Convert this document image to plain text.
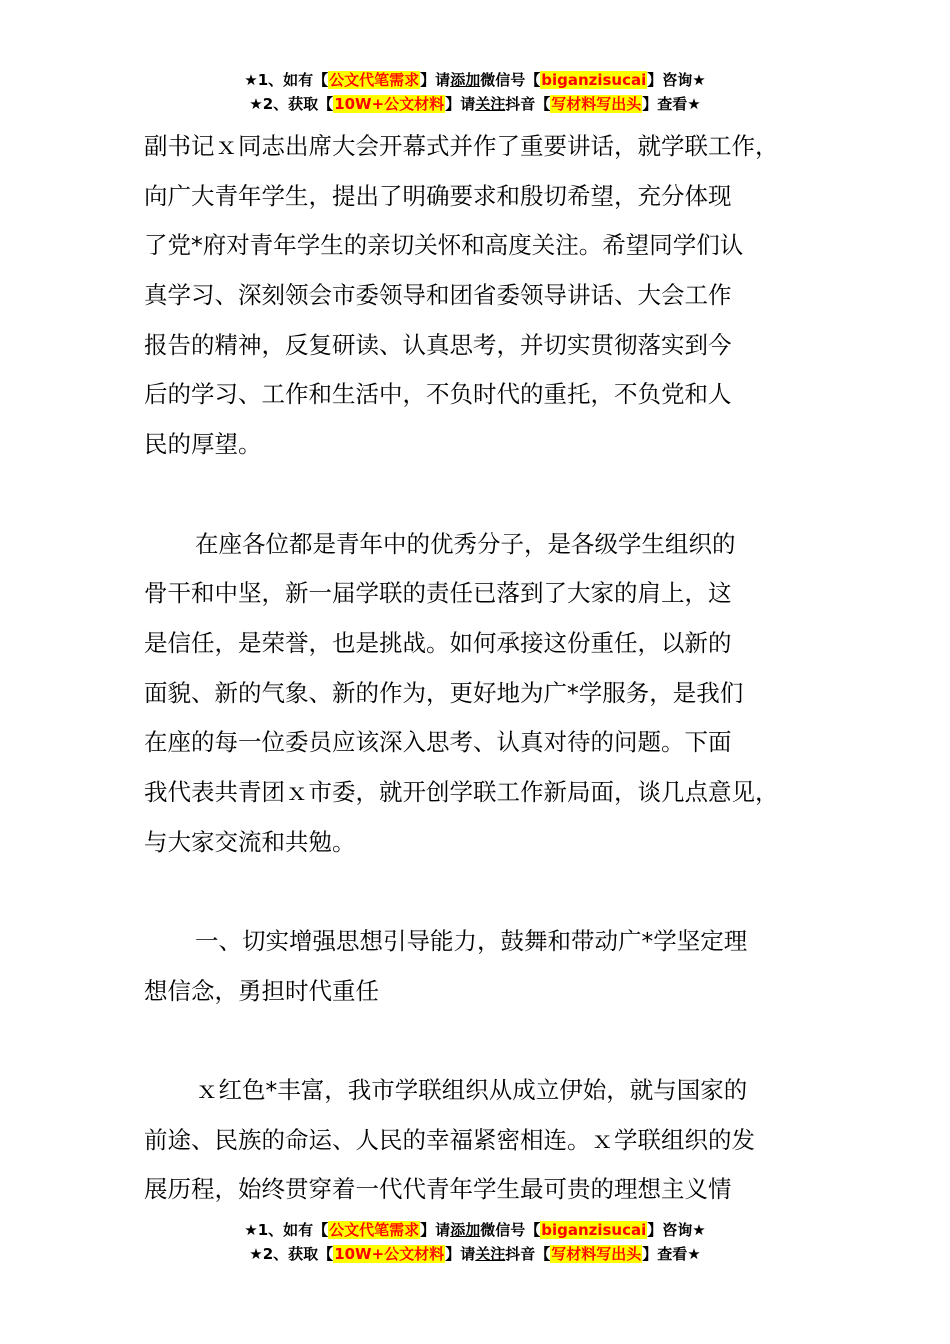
★1、如有【公文代笔需求】请添加微信号【biganzisucai】咨询★
★2、获取【10W+公文材料】请关注抖音【写材料写出头】查看★
副书记ｘ同志出席大会开幕式并作了重要讲话，就学联工作，
向广大青年学生，提出了明确要求和殷切希望，充分体现
了党*府对青年学生的亲切关怀和高度关注。希望同学们认
真学习、深刻领会市委领导和团省委领导讲话、大会工作
报告的精神，反复研读、认真思考，并切实贯彻落实到今
后的学习、工作和生活中，不负时代的重托，不负党和人
民的厚望。
在座各位都是青年中的优秀分子，是各级学生组织的
骨干和中坚，新一届学联的责任已落到了大家的肩上，这
是信任，是荣誉，也是挑战。如何承接这份重任，以新的
面貌、新的气象、新的作为，更好地为广*学服务，是我们
在座的每一位委员应该深入思考、认真对待的问题。下面
我代表共青团ｘ市委，就开创学联工作新局面，谈几点意见，
与大家交流和共勉。
一、切实增强思想引导能力，鼓舞和带动广*学坚定理
想信念，勇担时代重任
ｘ红色*丰富，我市学联组织从成立伊始，就与国家的
前途、民族的命运、人民的幸福紧密相连。ｘ学联组织的发
展历程，始终贯穿着一代代青年学生最可贵的理想主义情
★1、如有【公文代笔需求】请添加微信号【biganzisucai】咨询★
★2、获取【10W+公文材料】请关注抖音【写材料写出头】查看★
